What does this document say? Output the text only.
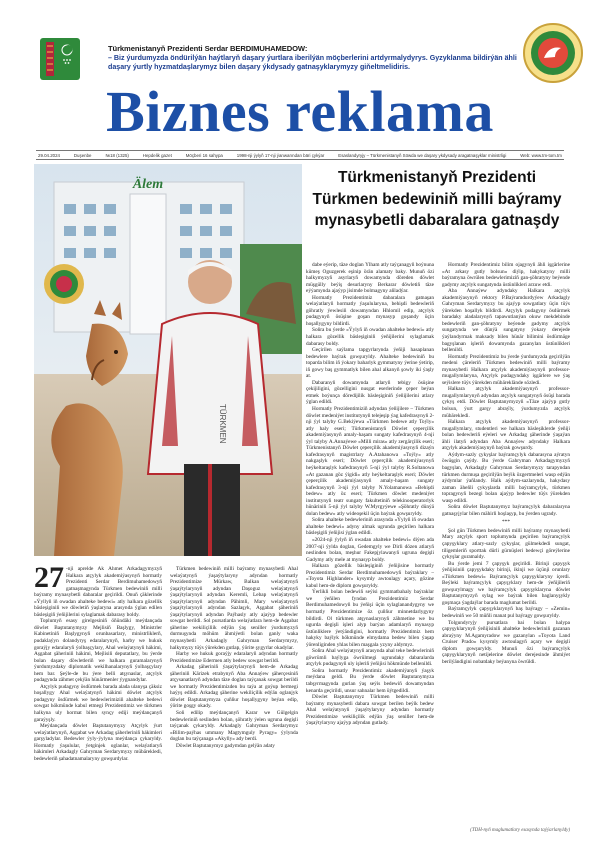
Türkmenistanyň Prezidenti Serdar BERDIMUHAMEDOW:
– Biz ýurdumyzda öndürilýän haýtlaryň daşary ýurtlara iberilýän möçberlerini artdyrmalydyrys. Gyzyklanma bildirýän ähli daşary ýurtly hyzmatdaşlarymyz bilen daşary ýkdysady gatnaşyklarymyzy giňeltmelidiris.
Biznes reklama
29.04.2024	Duşenbe	№18 (1325)	Hepdelik gazet	Möçberi 16 sahypa	1998-nji ýylyň 17-nji ýanwarından bäri çykýar	Esaslandyryjy – Türkmenistanyň Söwda we daşary ykdysady aragatnaşyklar ministrligi	Web: www.tm-tom.tm
Älem
TÜRKMEN
Türkmenistanyň Prezidenti Türkmen bedewiniň milli baýramy mynasybetli dabaralara gatnaşdy

27 -nji aprelde Ak Ahmet Arkadagymyzyň Halkara atçylyk akademiýasynyň hormatly Prezidenti Serdar Berdimuhamedowyň gatnaşmagynda Türkmen bedewiniň milli baýramy mynasybetli dabaralar geçirildi. Onuň çäklerinde «Ýyllyň iň owadan ahalteke bedewi» atly halkara gözellik bäsleşiginiň we döwletiň ýaşlaryna arasynda ýglan edilen bäsleşigiň ýeňijilerini sylaglamak dabarasy boldy.

Toplumyň esasy girelgesiniň öňündäki meýdançada döwlet Baştutanymyzy Mejlisiň Başlygy, Ministrler Kabinetiniň Başlygynyň orunbasarlary, ministrliklerň, pudaklaýyn dolandyryş edaralarynyň, harby we hukuk goraýjy edaralaryň ýolbaşçylary, Ahal welaýatynyň hákimi, Aşgabat şäheriniň hákimi, Mejlisiň deputatlary, bu ýerde bolan daşary döwletleriň we halkara guramalarynyň ýurdumyzdaky diplomatik wekilhanalarynyň ýolbaşçylary hem bar. Şeýle-de bu ýere belli atşynaslar, atçylyk pudagynda zähmet çekýän hünärmenler ýygnandylar.

Atçylyk pudagyny ösdürmek barada alada ulanyşa çäksiz hoşallygy Ahal welaýatynyň hákimi döwlet atçylyk pudagyny ösdürmek we bedewlerimiziň ahalteke bedewi sowgat hökmünde kabul etmegi Prezidentimiz we türkmen halkyna uly hormat bilen synçy ediji meýdançanyň garaýyşly.

Meýdançada döwlet Baştutanymyzy Atçylyk ýurt welaýatlarynyň, Aşgabat we Arkadag şäherleriniň hákimleri garşyladylar. Bedewler ýyly-ýylyna meýdança çykaryldy. Hormatly ýaşulular, ýetginjek oglanlar, welaýatlaryň hákimleri Arkadagly Gahryman Serdarymyzy mübärekledi, bedewleriň şahadatnamalaryny gowşurdylar.

Türkmen bedewiniň milli baýramy mynasybetli Ahal welaýatynyň ýaşaýtylaryny adyndan hormatly Prezidentimize Mürkaw, Balkan welaýatynyň ýaşaýtylarynyň adyndan Daşoguz welaýatynyň ýaşaýtylarynyň adyndan Keremli, Lebap welaýatynyň ýaşaýtylarynyň adyndan Pähimli, Mary welaýatynyň ýaşaýtylarynyň adyndan Sazlaşyk, Aşgabat şäheriniň ýaşaýtylarynyň adyndan Paýhasly atly ajaýyp bedewler sowgat berildi. Sol pursatlarda welaýatlara hem-de Aşgabat şäherine wekiliçiliik edýän ýaş seniller ýurdumyzyň durmuşynda möhüm ähmiýetli bolan ganly waka mynasybetli Arkadagly Gahryman Serdarymyzy, halkymyzy tüýs ýürekden gutlap, ýörite şygyrlar okadylar.

Harby we hukuk goraýjy edaralaryň adyndan hormatly Prezidentimize Edermen atly bedew sowgat berildi.

Arkadag şäheriniň ýaşaýtylarynyň hem-de Arkadag şäheriniň Kärizek etrabynyň Aba Annaýew şäherçesiniň atçysanatlaryň adyndan täze doglan taýçanak sowgat berildi we hormatly Prezidentimizden bu taýa at goýup bermegi haýyş edildi. Arkadag şäherine wekiliçilik edýän oglanjyk döwlet Baştutanymyza çuňňur hoşallygyny beýan edip, ýörite goşgy okady.

Soň edilip meýdançanyň Karar we Gülgelgin bedewleriniň seslinden bolan, şöhratly ýelen ugruna degişli taýçanak çykaryldy. Arkadagly Gahryman Serdarymyz «Bilim-paýhas ummany Magtymguly Pyragy» ýylynda doglan bu taýçanaga «Akylly» ady berdi.

Döwlet Baştutanymyz gadymdan gelýän adaty

dabe eýerip, täze doglan Ýlham atly taýçanagyň boýnuna kümeş Oguzgerek eşinip örän alamaty baky. Munuň özi halkymyzyň asyrlaryň dowamynda döreden döwlet müşgülly beýiş desurlaryny Berkarar döwletiň täze eýýamynda ajaýyp jisimde bolmagyny aňladýar.

Hormatly Prezidentimiz dabaralara gatnaşan welaýatlaryň hormatly ýaşulularyna, behişdi bedewleriň göhratly ýewlesiň dowamyndan Hhlomil edip, atçylyk pudagynyň ösüşine goşan mynasyp goşandy üçin hoşallygyny bildirdi.

Soňra bu ýerde «Ýylyň iň owadan ahalteke bedewi» atly halkara gözellik bäsleşiginiň ýeňijilerini sylaglamak dabarasy boldy.

Geçirilen saýlama tapgyrlarynda ýeňiji hasaplanan bedewlere baýrak gowşuryldy. Ahalteke bedewiniň bu toparda bilim iň ýokary baharlyk gymmatyny ýerine ýetirip, iň gowy baş gymmatlyk bilen ahal alkanyň şowly iki ýaşly at.

Dabaranyň dowamynda atlaryň tebigy ösüşine çekijiligini, gözelligini nusgat eserlerinde çeper beýan etmek boýunça döredijilik bäsleşiginiň ýeňijilerini atlary ýglan edildi.

Hormatly Prezidentimiziň adyndan ýeňijilere – Türkmen döwlet medeniýet institutynyň telejeşip ýag kafedrasynyň 2-nji ýyl talyby G.Bekiýewa «Türkmen bedewe atly Toýly» atly haly eseri; Türkmenistanyň Döwlet çeperçilik akademiýasynyň amaly-haşam sungaty kafedrasynyň 4-nji ýyl talyby A.Annaýewe «Milli miras» atly zergärçilik eseri; Türkmenistanyň Döwlet çeperçilik akademiýasynyň dizaýn kafedrasynyň magistrlary A.Atahanowa «Toýly» atly nakgaşlyk eseri; Döwlet çeperçilik akademiýasynyň heýkeltaraşlyk kafedrasynyň 5-nji ýyl talyby R.Soltanowa «At gazanan göz ýigidi» atly heýkeltaraşlyk eseri; Döwlet çeperçilik akademiýasynyň amaly-haşam sungaty kafedrasynyň 3-nji ýyl talyby N.Yolamanowa «Behişdi bedew» atly öz eseri; Türkmen döwlet medeniýet institutynyň teatr sungaty fakultetiniň telekinooperatorlyk hünäriniň 5-nji ýyl talyby W.Myrgyýewe «Şöhratly dünýä dolan bedew» atly wideoşekil üçin baýrak gowşuryldy.

Soňra ahalteke bedewleriniň arasynda «Ýylyň iň owadan ahalteke bedewi» adyny almak ugrunda geçirilen halkara bäsleşigiň ýeňijisi ýglan edildi.

«2024-nji ýylyň iň owadan ahalteke bedewi» diýen ada 2007-nji ýylda doglan, Gedemgyly we Dirli dözen atlaryň neslinden bolan, meşhur Fakepjylawanyň ugruna degişli Gadymy atly mele at mynasyp boldy.

Halkara gözellik bäsleşiginiň ýeňijisine hormatly Prezidentimiz Serdar Berdimuhamedowyň baýraklary – «Toyota Highlander» kysymly awtoulagy açary, gözine kabul hem-de diplom gowşuryldy.

Ýerlikli bolan bedewiň seýisi gymmatbahaly baýraklar we ýeňilen fyndan Prezidentimiz Serdar Berdimuhamedowyň bu ýeňişi üçin sylaglanandygyny we hormatly Prezidentimize öz çuňňur minnetdarlygyny bildirdi. Ol türkmen atşynaslarynyň zähmetine we bu ugurda degişli işleri alyp barýan adamlaryň mynasyp üstünliklere ýetýändigini, hormatly Prezidentimiz hem hakyky baýlyk hökmünde elmydama bedew bilen ýaşap ýörenliginden yhlas bilen maşgala yzyny aldymyz.

Soňra Ahal welaýatynyň arasynda ahal teke bedewleriniň göwrümli baýlyga öwrülmegi ugrundaky dabaralarda atçylyk pudagynyň uly işleriň ýeňijisi hökmünde bellenildi.

Soňra hormatly Prezidentimiz akademiýanyň ýaşyk meýdana geldi. Bu ýerde döwlet Baştutanymyza tabşyrmagynda gurlan ýaş seýis bedewiň dowamyndan kenarda geçirildi, unsur sahnalar hem üýtgedildi.

Döwlet Baştutanymyz Türkmen bedewiniň milli baýramy mynasybetli dabara sowgat berilen beýik bedew Ahal welaýatynyň ýaşaýtylaryny adyndan hormatly Prezidentimize wekiliçilik edýän ýaş seniller hem-de ýaşaýtylaryny ajaýyp adyndan gutlady.

Hormatly Prezidentimiz bilim ojagynyň ähli işgärlerine «At arkasy gutly bolsun» diýip, hakykatyny milli baýramyna öwrülen bedewlerimiziň gan-şöhratyny beýende gadymy atçylyk sungatynda üstünlikleri arzuw etdi.

Aba Annaýew adyndaky Halkara atçylyk akademiýasynyň rektory P.Baýramdurdyýew Arkadagly Gahryman Serdarymyzy bu ajaýyp sowgatlary üçin tüýs ýürekden hoşallyk bildirdi. Atçylyk pudagyny ösdürmek baradaky aladalarynyň tapawutlanýan okuw mekdebinde bedewleriň gan-şöhratyny beýende gadymy atçylyk sungatynda we dünýä sungatyny ýokary derejede ýaýlandyrmak maksady bilen hünär bilimini ösdürmäge bagyşlanan işleriň dowamynda gazanylan üstünlikleri bellenildi.

Hormatly Prezidentimiz bu ýerde ýurdumyzda geçirilýän medeni çäreleriň Türkmen bedewiniň milli baýramy mynasybetli Halkara atçylyk akademiýasynyň professor-mugallymlaryna, Atçylyk pudagyndaky işgärlere we ýaş seýislere tüýs ýürekden mübäreklände sözledi.

Halkara atçylyk akademiýasynyň professor-mugallymlarynyň adyndan atçylyk sungatynyň ösüşi barada çykyş etdi. Döwlet Baştutanymyzyň «Täze ajaýyp gutly bolsun, ýurt garşy abraýly, ýurdumyzda atçylyk mübärekledi.

Halkara atçylyk akademiýasynyň professor-mugallymlary, studentleri we halkara bäsleşiklerde ýeňiji bolan bedewleriň eýeleri we Arkadag şäherinde ýaşaýan ähli ilatyň adyndan Aba Annaýew adyndaky Halkara atçylyk akademiýasynyň baýrak gowşurdy.

Aýdym-sazly çykyşlar baýramçylyk dabarasyna aýratyn öwüşgin çaýdy. Bu ýerde Gahryman Arkadagymyzyň bagyşlan, Arkadagly Gahryman Serdarymyzy tarapyndan türkmen durmuşa geçirilýän beýik özgertmeleri wasp edýän aýdymlar ýaňlandy. Halk aýdym-sazlarynda, hakydasy zaman äheňli çykyşlarda milli baýramçylyk, türkmen topragynyň bezegi bolan ajaýyp bedewler tüýs ýürekden wasp edildi.

Soňra döwlet Baştutanymyz baýramçylyk dabaralaryna gatnaşyjylar bilen mähirli hoşlaşyp, bu ýerden ugrady.

***

Şol gün Türkmen bedewiniň milli baýramy mynasybetli Mary atçylyk sport toplumynda geçirilen baýramçylyk çapyşyklary atlary-sazly çykyşlar, gülmekdedi sungat, tiligemleriň sporttak dürli gürnüşleri bedewçi göreýlerine çykyşlar guramaldy.

Bu ýerde jemi 7 çapyşyk geçirildi. Birinji çapyşyk ýeňijisiniň çapyşykdaky birinji, ikinji we üçünji orunlary «Türkmen bedewi» Baýramçylyk çapyşyklaryny içerdi. Beýleki baýramçylyk çapyşyklary hem-de ýeňijileriň gowşurylmagy we baýramçylyk çapyşyklaryna döwlet Baştutanymyzyň sylag we baýrak bilen baglanyşykly goşmaça ýagdaýlar barada maglumat berildi.

Baýramçylyk çapyşyklarynyň baş baýragy – «Zemin» bedewiniň we 50 müňli manat pul baýragy gowşuryldy.

Tolgundyryjy pursatlara bai bolan halypa çapyşyklarynyň ýeňijisiniň ahalteke bedewleriniň gazanan abraýyny M.Agamyradow we gazanylan «Toyota Land Cruiser Prado» kysymly awtoulagyň açary we degişli diplom gowşuryldy. Munuň özi baýramçylyk çapyşyklarynyň netijelerine döwlet derejesinde ähmiýet berilýändigini nobatdaky beýanyna öwrüldi.

(TDH-nyň maglumatlary esasynda taýýarlanyldy)
